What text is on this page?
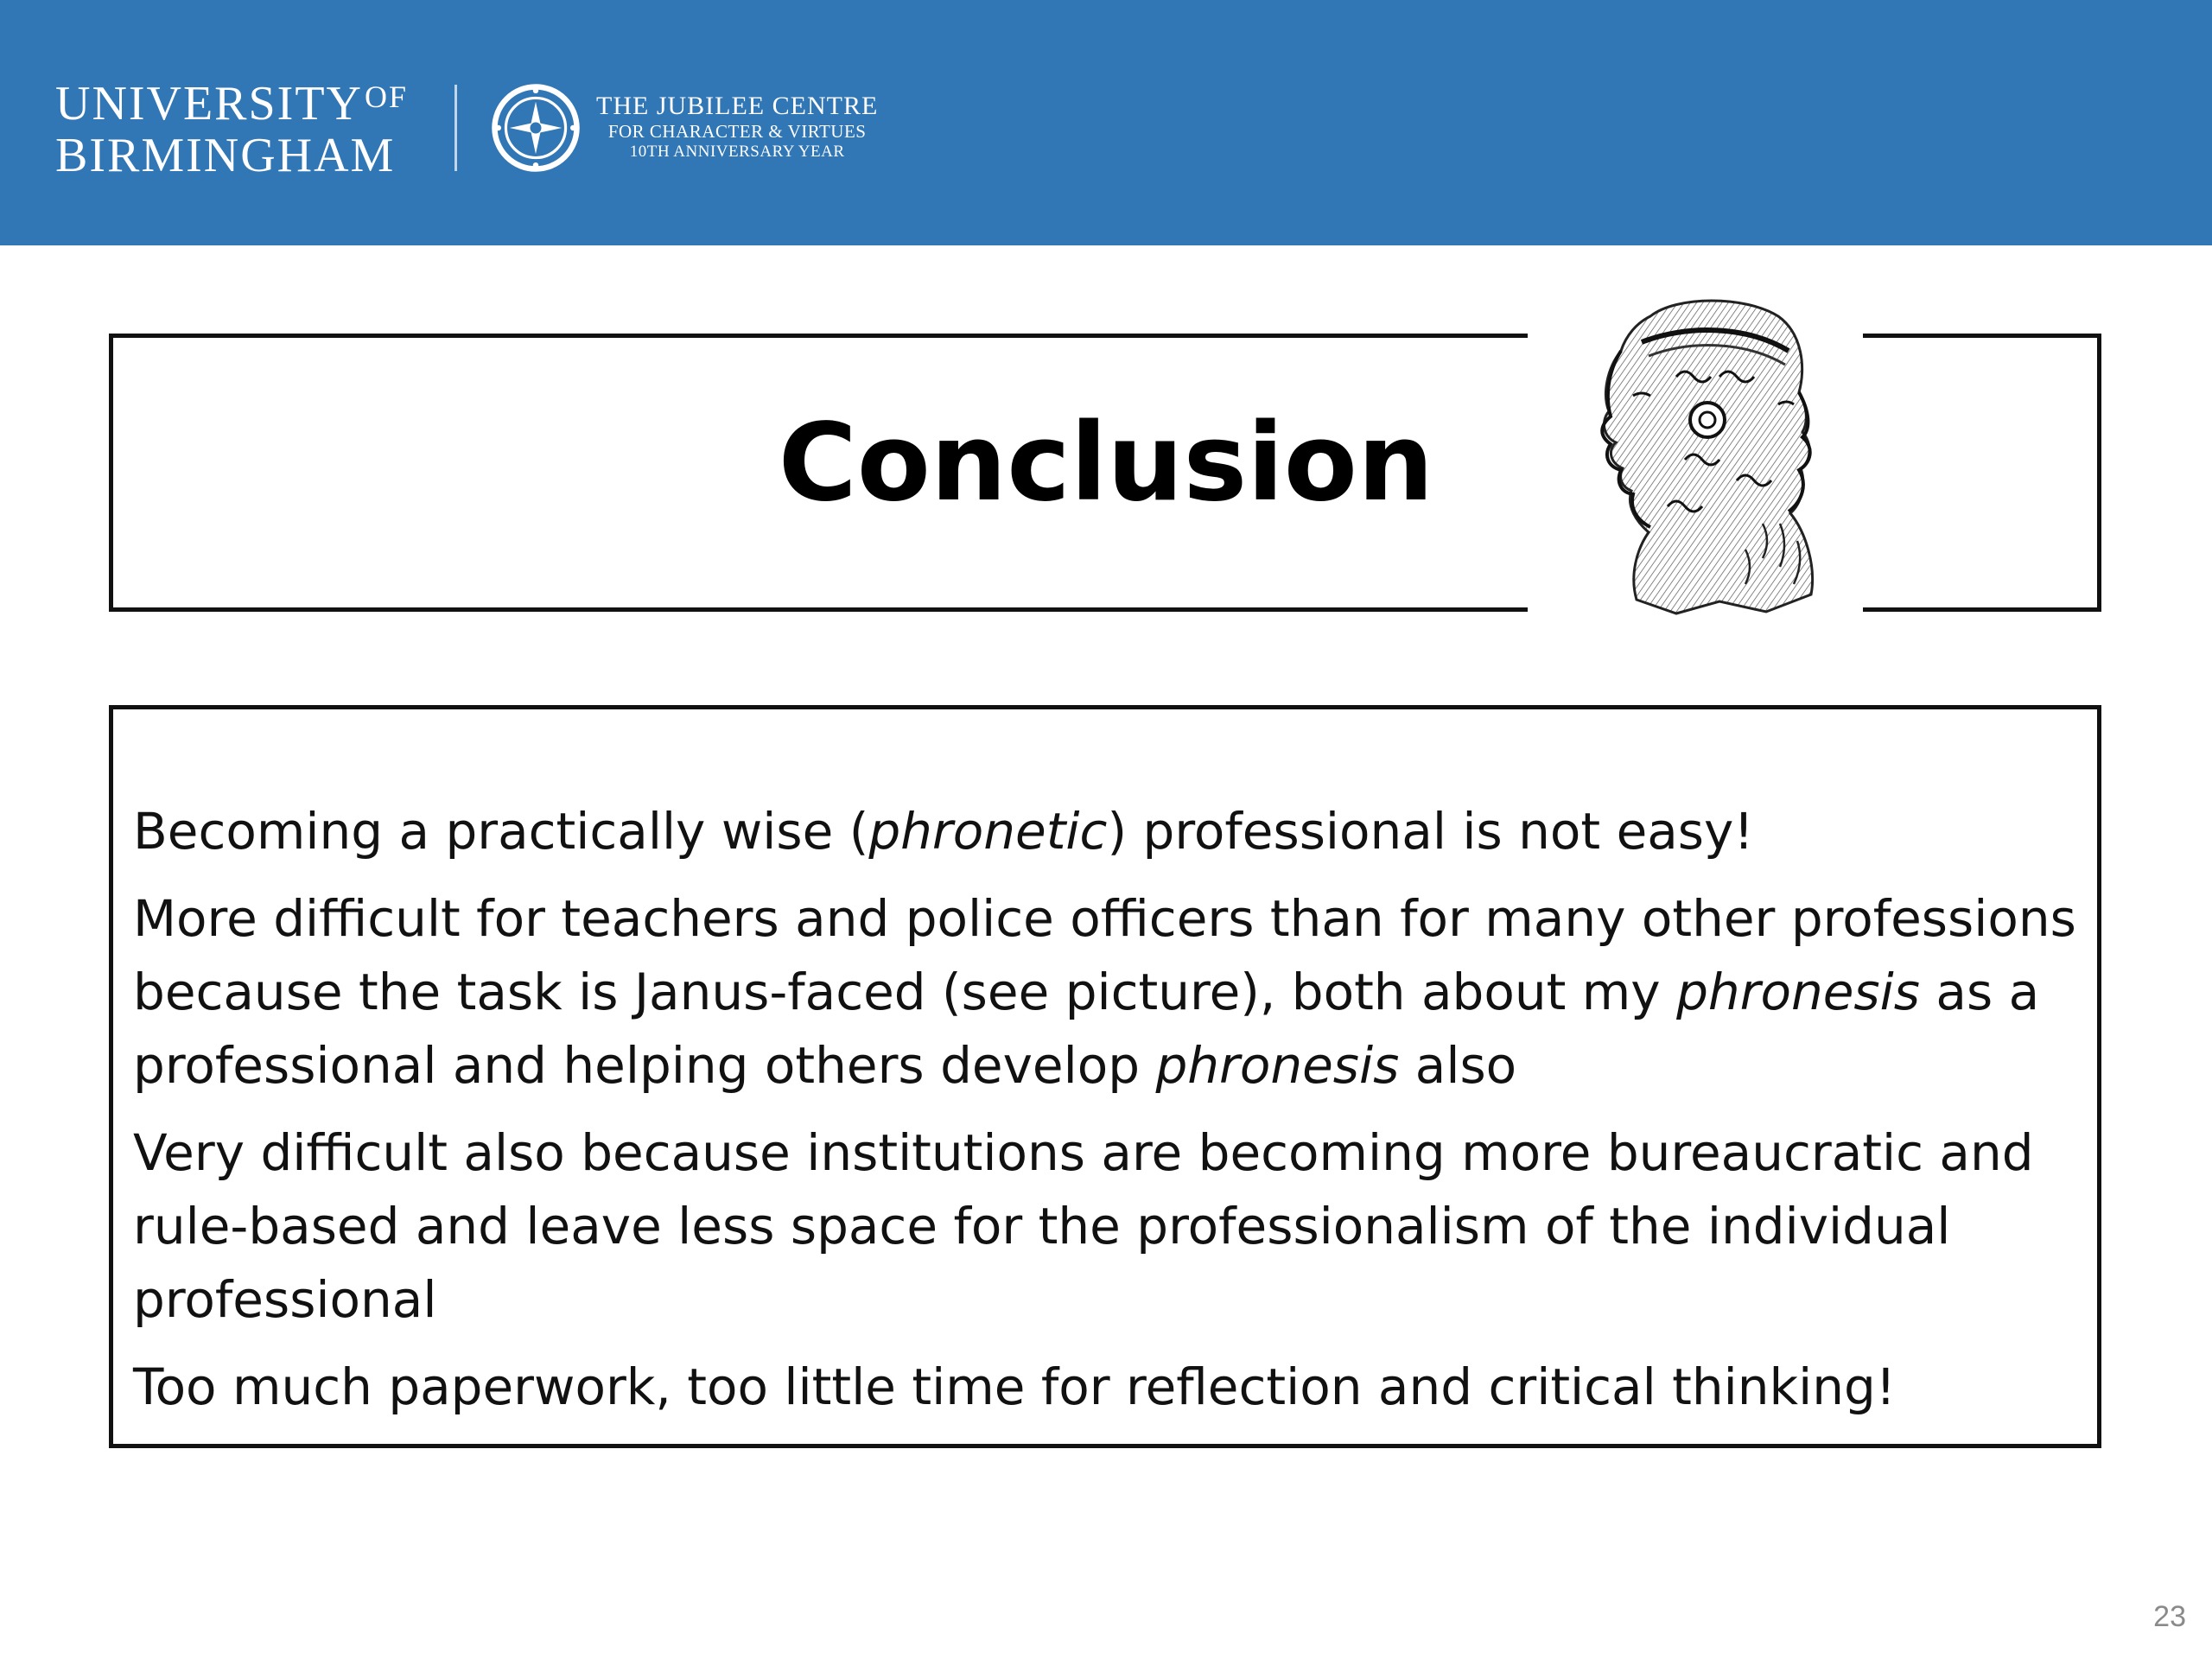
$UNIVERSITY^{OF}$
BIRMINGHAM
THE JUBILEE CENTRE
FOR CHARACTER & VIRTUES
10TH ANNIVERSARY YEAR
Conclusion

Becoming a practically wise (phronetic) professional is not easy!

More difficult for teachers and police officers than for many other professions because the task is Janus-faced (see picture), both about my phronesis as a professional and helping others develop phronesis also

Very difficult also because institutions are becoming more bureaucratic and rule-based and leave less space for the professionalism of the individual professional

Too much paperwork, too little time for reflection and critical thinking!

23
